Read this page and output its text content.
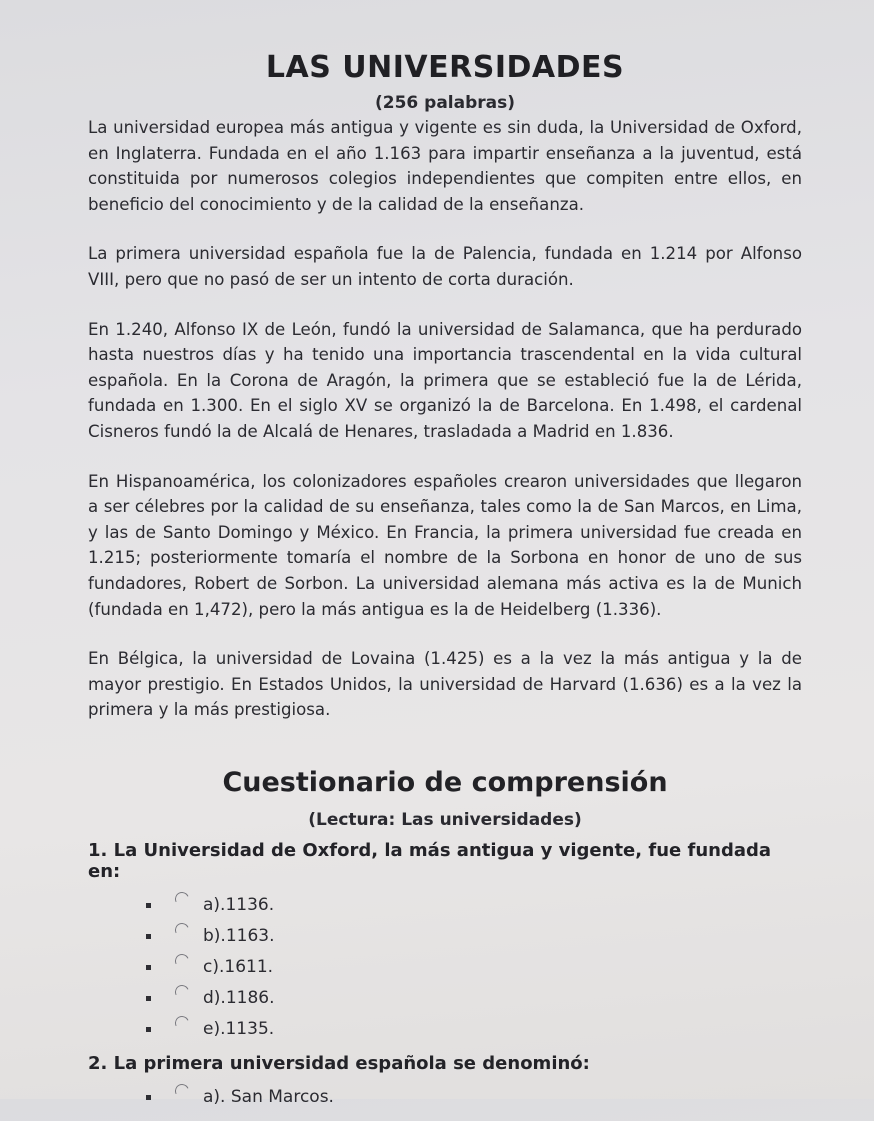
LAS UNIVERSIDADES
(256 palabras)

La universidad europea más antigua y vigente es sin duda, la Universidad de Oxford, en Inglaterra. Fundada en el año 1.163 para impartir enseñanza a la juventud, está constituida por numerosos colegios independientes que compiten entre ellos, en beneficio del conocimiento y de la calidad de la enseñanza.

La primera universidad española fue la de Palencia, fundada en 1.214 por Alfonso VIII, pero que no pasó de ser un intento de corta duración.

En 1.240, Alfonso IX de León, fundó la universidad de Salamanca, que ha perdurado hasta nuestros días y ha tenido una importancia trascendental en la vida cultural española. En la Corona de Aragón, la primera que se estableció fue la de Lérida, fundada en 1.300. En el siglo XV se organizó la de Barcelona. En 1.498, el cardenal Cisneros fundó la de Alcalá de Henares, trasladada a Madrid en 1.836.

En Hispanoamérica, los colonizadores españoles crearon universidades que llegaron a ser célebres por la calidad de su enseñanza, tales como la de San Marcos, en Lima, y las de Santo Domingo y México. En Francia, la primera universidad fue creada en 1.215; posteriormente tomaría el nombre de la Sorbona en honor de uno de sus fundadores, Robert de Sorbon. La universidad alemana más activa es la de Munich (fundada en 1,472), pero la más antigua es la de Heidelberg (1.336).

En Bélgica, la universidad de Lovaina (1.425) es a la vez la más antigua y la de mayor prestigio. En Estados Unidos, la universidad de Harvard (1.636) es a la vez la primera y la más prestigiosa.

Cuestionario de comprensión
(Lectura: Las universidades)
1. La Universidad de Oxford, la más antigua y vigente, fue fundada en:
a).1136.
b).1163.
c).1611.
d).1186.
e).1135.
2. La primera universidad española se denominó:
a). San Marcos.
